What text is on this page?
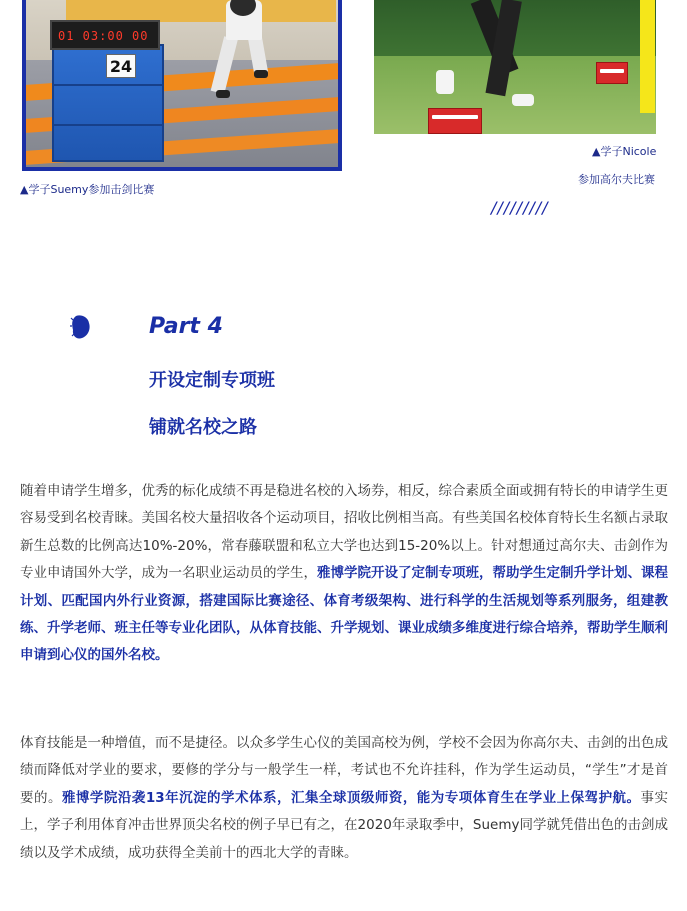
01 03:00 00
24
▲学子Suemy参加击剑比赛
▲学子Nicole
参加高尔夫比赛
/////////
Part 4
开设定制专项班
铺就名校之路

随着申请学生增多，优秀的标化成绩不再是稳进名校的入场券，相反，综合素质全面或拥有特长的申请学生更容易受到名校青睐。美国名校大量招收各个运动项目，招收比例相当高。有些美国名校体育特长生名额占录取新生总数的比例高达10%-20%，常春藤联盟和私立大学也达到15-20%以上。针对想通过高尔夫、击剑作为专业申请国外大学，成为一名职业运动员的学生，雅博学院开设了定制专项班，帮助学生定制升学计划、课程计划、匹配国内外行业资源，搭建国际比赛途径、体育考级架构、进行科学的生活规划等系列服务，组建教练、升学老师、班主任等专业化团队，从体育技能、升学规划、课业成绩多维度进行综合培养，帮助学生顺利申请到心仪的国外名校。

体育技能是一种增值，而不是捷径。以众多学生心仪的美国高校为例，学校不会因为你高尔夫、击剑的出色成绩而降低对学业的要求，要修的学分与一般学生一样，考试也不允许挂科，作为学生运动员，“学生”才是首要的。雅博学院沿袭13年沉淀的学术体系，汇集全球顶级师资，能为专项体育生在学业上保驾护航。事实上，学子利用体育冲击世界顶尖名校的例子早已有之，在2020年录取季中，Suemy同学就凭借出色的击剑成绩以及学术成绩，成功获得全美前十的西北大学的青睐。
